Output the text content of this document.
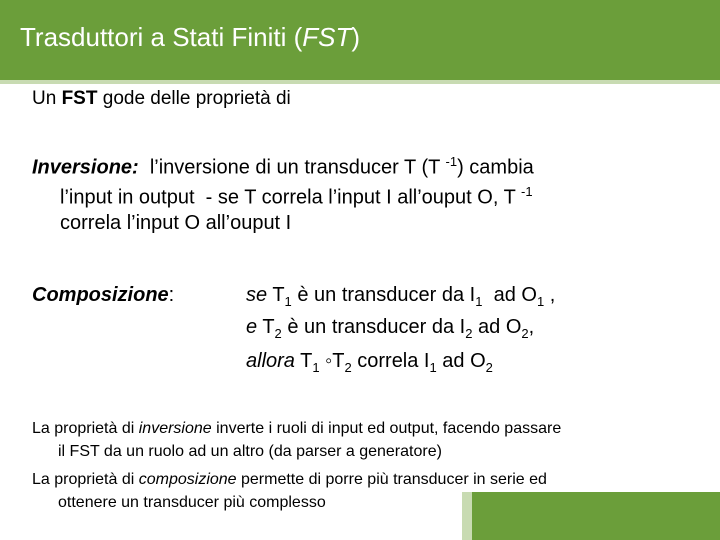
Trasduttori a Stati Finiti (FST)
Un FST gode delle proprietà di
Inversione:  l’inversione di un transducer T (T $^{-1}$) cambia
l’input in output  - se T correla l’input I all’ouput O, T $^{-1}$
correla l’input O all’ouput I
Composizione:	se $T_1$ è un transducer da $I_1$  ad $O_1$ ,
e $T_2$ è un transducer da $I_2$ ad $O_2$,
allora $T_1$ $◦T_2$ correla $I_1$ ad $O_2$
La proprietà di inversione inverte i ruoli di input ed output, facendo passare
il FST da un ruolo ad un altro (da parser a generatore)
La proprietà di composizione permette di porre più transducer in serie ed
ottenere un transducer più complesso
